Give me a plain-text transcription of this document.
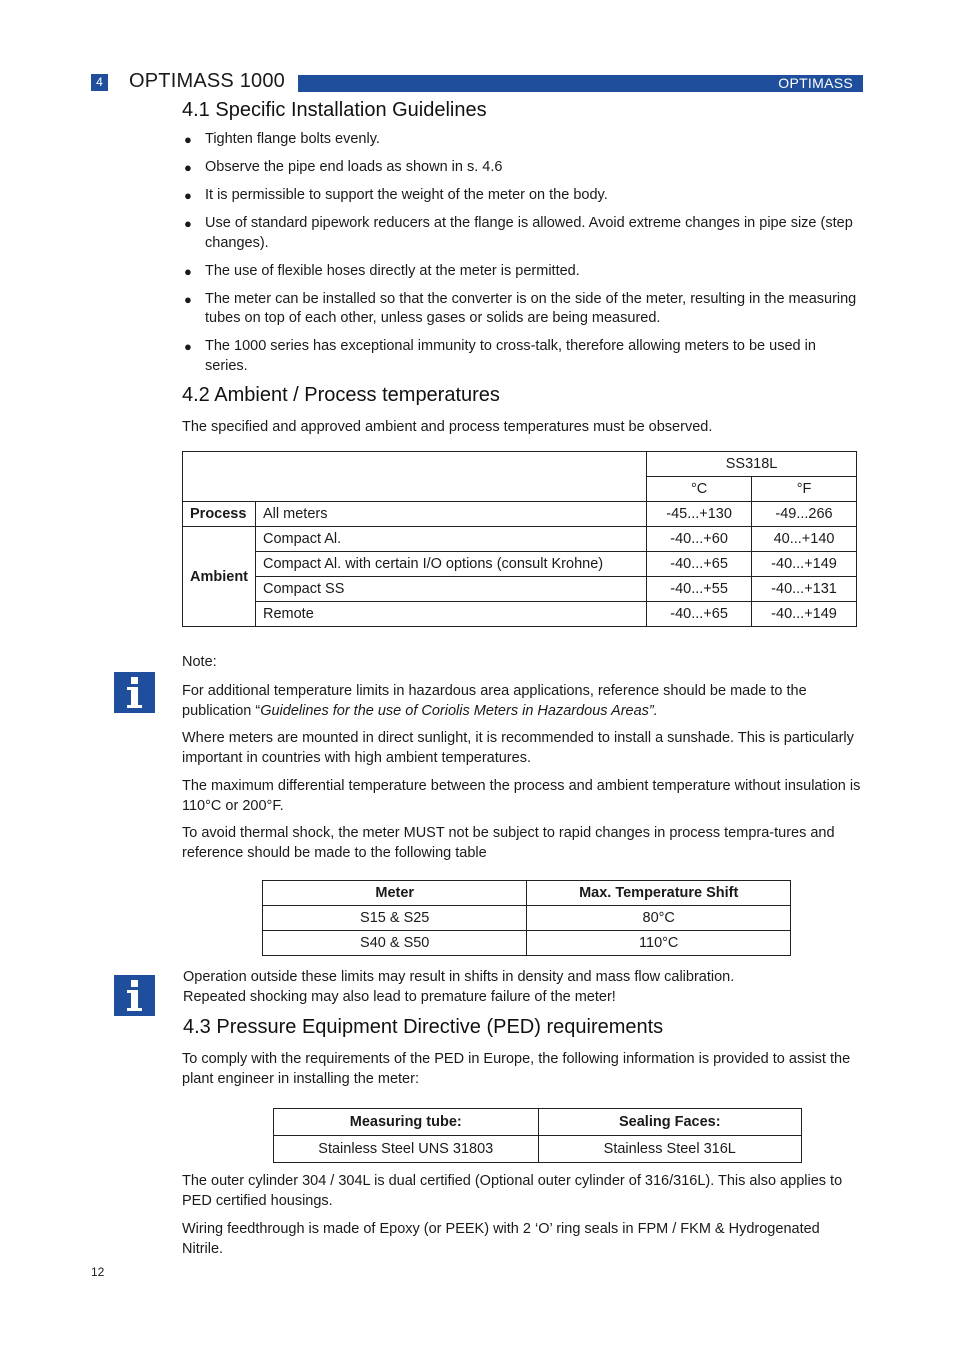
4 OPTIMASS 1000	OPTIMASS
4.1 Specific Installation Guidelines
● Tighten flange bolts evenly.
● Observe the pipe end loads as shown in s. 4.6
● It is permissible to support the weight of the meter on the body.
● Use of standard pipework reducers at the flange is allowed. Avoid extreme changes in pipe size (step changes).
● The use of flexible hoses directly at the meter is permitted.
● The meter can be installed so that the converter is on the side of the meter, resulting in the measuring tubes on top of each other, unless gases or solids are being measured.
● The 1000 series has exceptional immunity to cross-talk, therefore allowing meters to be used in series.
4.2 Ambient / Process temperatures
The specified and approved ambient and process temperatures must be observed.
		SS318L	
		°C	°F
Process	All meters	-45...+130	-49...266
Ambient	Compact Al.	-40...+60	40...+140
	Compact Al. with certain I/O options (consult Krohne)	-40...+65	-40...+149
	Compact SS	-40...+55	-40...+131
	Remote	-40...+65	-40...+149
Note:
For additional temperature limits in hazardous area applications, reference should be made to the publication “Guidelines for the use of Coriolis Meters in Hazardous Areas”.
Where meters are mounted in direct sunlight, it is recommended to install a sunshade. This is particularly important in countries with high ambient temperatures.
The maximum differential temperature between the process and ambient temperature without insulation is 110°C or 200°F.
To avoid thermal shock, the meter MUST not be subject to rapid changes in process tempra-tures and reference should be made to the following table
Meter	Max. Temperature Shift
S15 & S25	80°C
S40 & S50	110°C
Operation outside these limits may result in shifts in density and mass flow calibration.
Repeated shocking may also lead to premature failure of the meter!
4.3 Pressure Equipment Directive (PED) requirements
To comply with the requirements of the PED in Europe, the following information is provided to assist the plant engineer in installing the meter:
Measuring tube:	Sealing Faces:
Stainless Steel UNS 31803	Stainless Steel 316L
The outer cylinder 304 / 304L is dual certified (Optional outer cylinder of 316/316L). This also applies to PED certified housings.
Wiring feedthrough is made of Epoxy (or PEEK) with 2 ‘O’ ring seals in FPM / FKM & Hydrogenated Nitrile.
12
